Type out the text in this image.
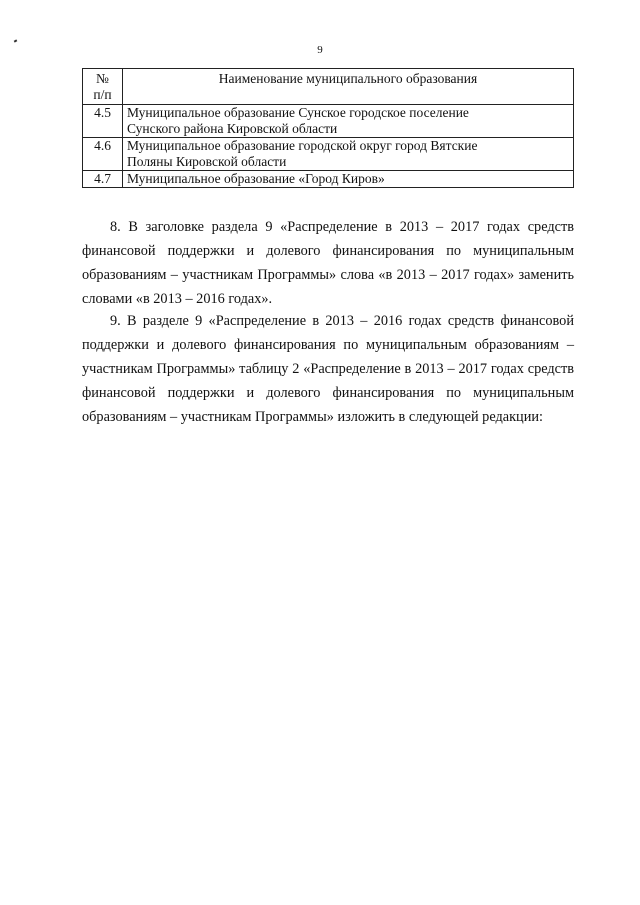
9
№
п/п	Наименование муниципального образования
4.5	Муниципальное образование Сунское городское поселение
Сунского района Кировской области

4.6	Муниципальное образование городской округ город Вятские
Поляны Кировской области

4.7	Муниципальное образование «Город Киров»

8. В заголовке раздела 9 «Распределение в 2013 – 2017 годах средств финансовой поддержки и долевого финансирования по муниципальным образованиям – участникам Программы» слова «в 2013 – 2017 годах» заменить словами «в 2013 – 2016 годах».

9. В разделе 9 «Распределение в 2013 – 2016 годах средств финансовой поддержки и долевого финансирования по муниципальным образованиям – участникам Программы» таблицу 2 «Распределение в 2013 – 2017 годах средств финансовой поддержки и долевого финансирования по муниципальным образованиям – участникам Программы» изложить в следующей редакции:
